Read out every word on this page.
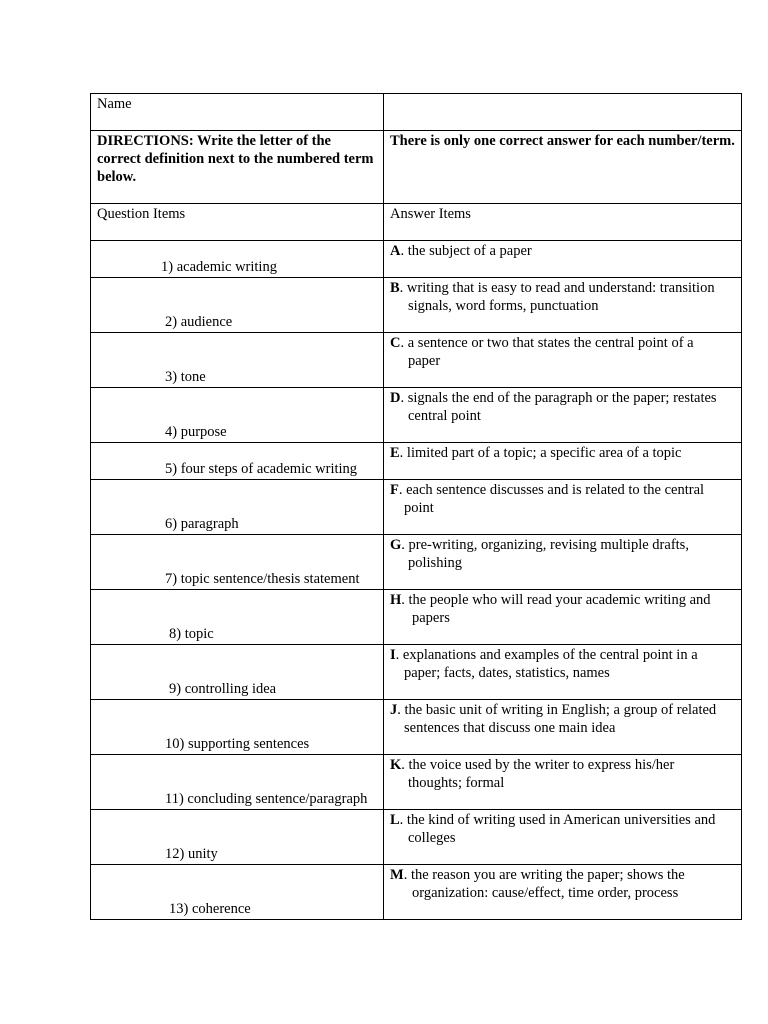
Name	

DIRECTIONS: Write the letter of the correct definition next to the numbered term below.	There is only one correct answer for each number/term.

Question Items	Answer Items

1) academic writing	A. the subject of a paper

2) audience	B. writing that is easy to read and understand: transition
signals, word forms, punctuation

3) tone	C. a sentence or two that states the central point of a
paper

4) purpose	D. signals the end of the paragraph or the paper; restates
central point

5) four steps of academic writing	E. limited part of a topic; a specific area of a topic

6) paragraph	F. each sentence discusses and is related to the central
point

7) topic sentence/thesis statement	G. pre-writing, organizing, revising multiple drafts,
polishing

8) topic	H. the people who will read your academic writing and
papers

9) controlling idea	I. explanations and examples of the central point in a
paper; facts, dates, statistics, names

10) supporting sentences	J. the basic unit of writing in English; a group of related
sentences that discuss one main idea

11) concluding sentence/paragraph	K. the voice used by the writer to express his/her
thoughts; formal

12) unity	L. the kind of writing used in American universities and
colleges

13) coherence	M. the reason you are writing the paper; shows the
organization: cause/effect, time order, process
